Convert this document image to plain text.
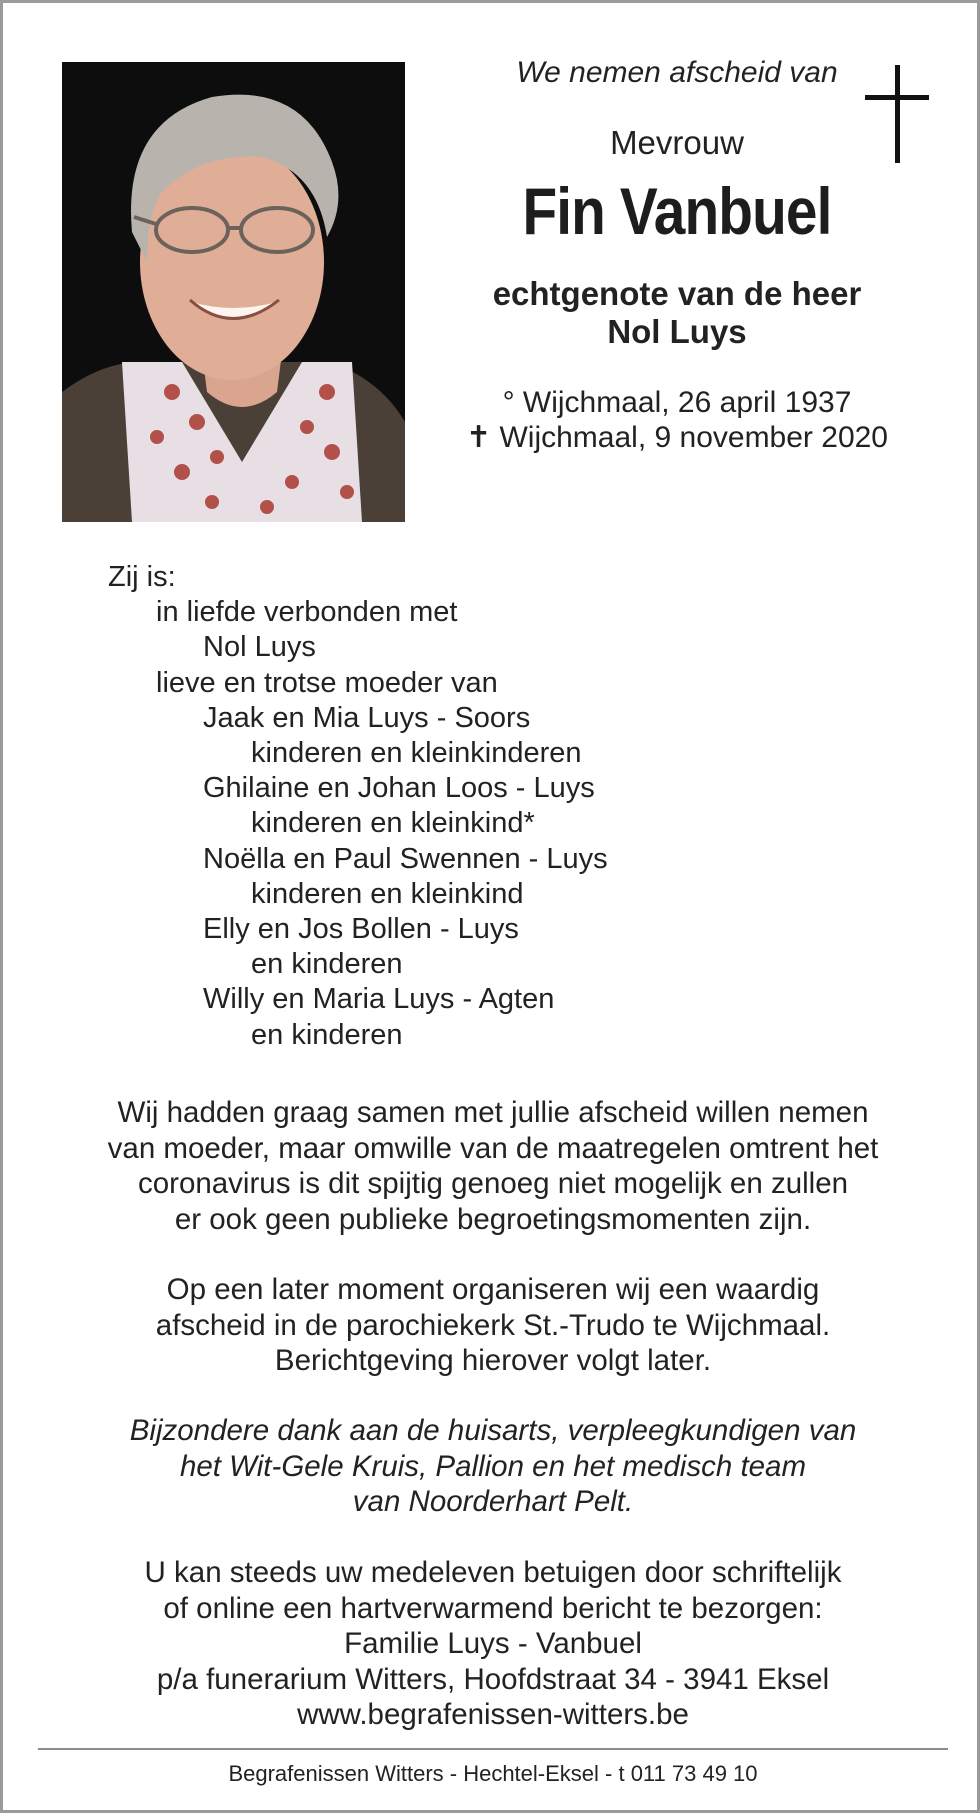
We nemen afscheid van

Mevrouw
Fin Vanbuel
echtgenote van de heer
Nol Luys
° Wijchmaal, 26 april 1937
✝ Wijchmaal, 9 november 2020
Zij is:
in liefde verbonden met
Nol Luys
lieve en trotse moeder van
Jaak en Mia Luys - Soors
kinderen en kleinkinderen
Ghilaine en Johan Loos - Luys
kinderen en kleinkind*
Noëlla en Paul Swennen - Luys
kinderen en kleinkind
Elly en Jos Bollen - Luys
en kinderen
Willy en Maria Luys - Agten
en kinderen
Wij hadden graag samen met jullie afscheid willen nemen
van moeder, maar omwille van de maatregelen omtrent het
coronavirus is dit spijtig genoeg niet mogelijk en zullen
er ook geen publieke begroetingsmomenten zijn.
Op een later moment organiseren wij een waardig
afscheid in de parochiekerk St.-Trudo te Wijchmaal.
Berichtgeving hierover volgt later.
Bijzondere dank aan de huisarts, verpleegkundigen van
het Wit-Gele Kruis, Pallion en het medisch team
van Noorderhart Pelt.
U kan steeds uw medeleven betuigen door schriftelijk
of online een hartverwarmend bericht te bezorgen:
Familie Luys - Vanbuel
p/a funerarium Witters, Hoofdstraat 34 - 3941 Eksel
www.begrafenissen-witters.be
Begrafenissen Witters - Hechtel-Eksel - t 011 73 49 10
